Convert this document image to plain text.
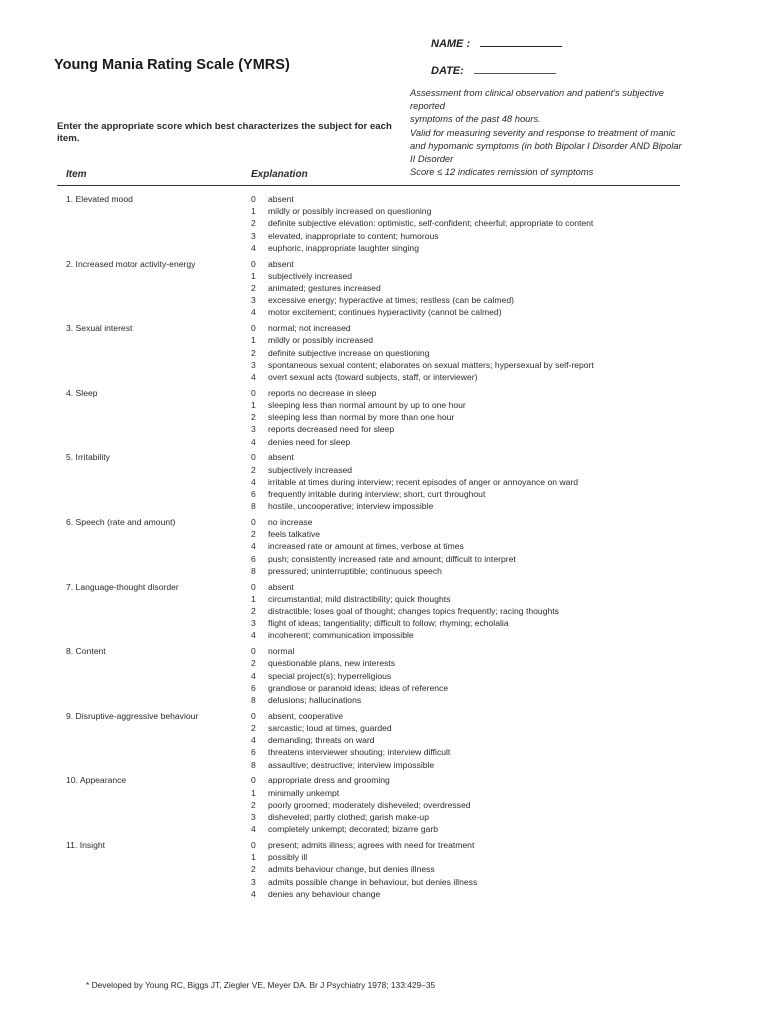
Young Mania Rating Scale (YMRS)
NAME :
DATE:

Assessment from clinical observation and patient's subjective

reported

symptoms of the past 48 hours.

Valid for measuring severity and response to treatment of manic

and hypomanic symptoms (in both Bipolar I Disorder AND Bipolar

II Disorder

Score ≤ 12 indicates remission of symptoms

Enter the appropriate score which best characterizes the subject for each item.
Item	Explanation
1. Elevated mood	0	absent
1	mildly or possibly increased on questioning
2	definite subjective elevation: optimistic, self-confident; cheerful; appropriate to content
3	elevated, inappropriate to content; humorous
4	euphoric, inappropriate laughter singing
2. Increased motor activity-energy	0	absent
1	subjectively increased
2	animated; gestures increased
3	excessive energy; hyperactive at times; restless (can be calmed)
4	motor excitement; continues hyperactivity (cannot be calmed)
3. Sexual interest	0	normal; not increased
1	mildly or possibly increased
2	definite subjective increase on questioning
3	spontaneous sexual content; elaborates on sexual matters; hypersexual by self-report
4	overt sexual acts (toward subjects, staff, or interviewer)
4. Sleep	0	reports no decrease in sleep
1	sleeping less than normal amount by up to one hour
2	sleeping less than normal by more than one hour
3	reports decreased need for sleep
4	denies need for sleep
5. Irritability	0	absent
2	subjectively increased
4	irritable at times during interview; recent episodes of anger or annoyance on ward
6	frequently irritable during interview; short, curt throughout
8	hostile, uncooperative; interview impossible
6. Speech (rate and amount)	0	no increase
2	feels talkative
4	increased rate or amount at times, verbose at times
6	push; consistently increased rate and amount; difficult to interpret
8	pressured; uninterruptible; continuous speech
7. Language-thought disorder	0	absent
1	circumstantial; mild distractibility; quick thoughts
2	distractible; loses goal of thought; changes topics frequently; racing thoughts
3	flight of ideas; tangentiality; difficult to follow; rhyming; echolalia
4	incoherent; communication impossible
8. Content	0	normal
2	questionable plans, new interests
4	special project(s); hyperreligious
6	grandiose or paranoid ideas; ideas of reference
8	delusions; hallucinations
9. Disruptive-aggressive behaviour	0	absent, cooperative
2	sarcastic; loud at times, guarded
4	demanding; threats on ward
6	threatens interviewer shouting; interview difficult
8	assaultive; destructive; interview impossible
10. Appearance	0	appropriate dress and grooming
1	minimally unkempt
2	poorly groomed; moderately disheveled; overdressed
3	disheveled; partly clothed; garish make-up
4	completely unkempt; decorated; bizarre garb
11. Insight	0	present; admits illness; agrees with need for treatment
1	possibly ill
2	admits behaviour change, but denies illness
3	admits possible change in behaviour, but denies illness
4	denies any behaviour change
* Developed by Young RC, Biggs JT, Ziegler VE, Meyer DA. Br J Psychiatry 1978; 133:429–35
